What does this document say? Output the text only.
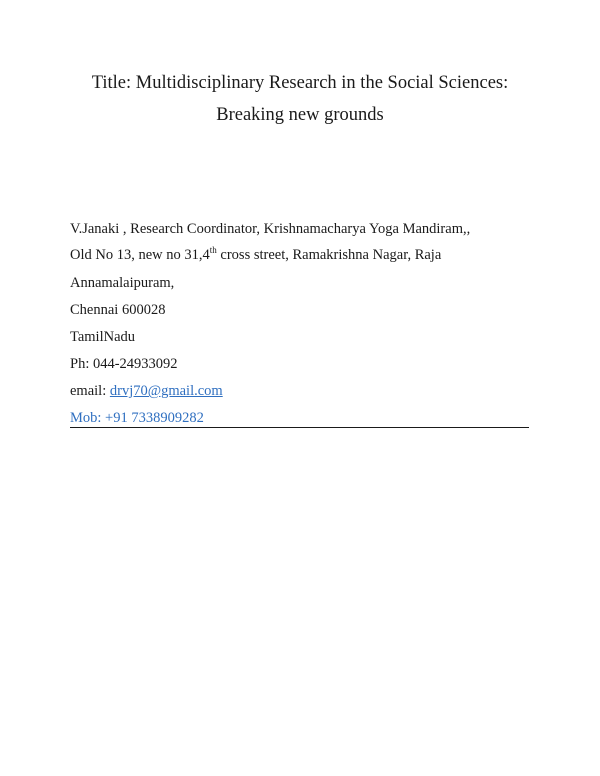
Title: Multidisciplinary Research in the Social Sciences:
Breaking new grounds
V.Janaki , Research Coordinator, Krishnamacharya Yoga Mandiram,,
Old No 13, new no 31,4th cross street, Ramakrishna Nagar, Raja
Annamalaipuram,
Chennai 600028
TamilNadu
Ph: 044-24933092
email: drvj70@gmail.com
Mob: +91 7338909282
